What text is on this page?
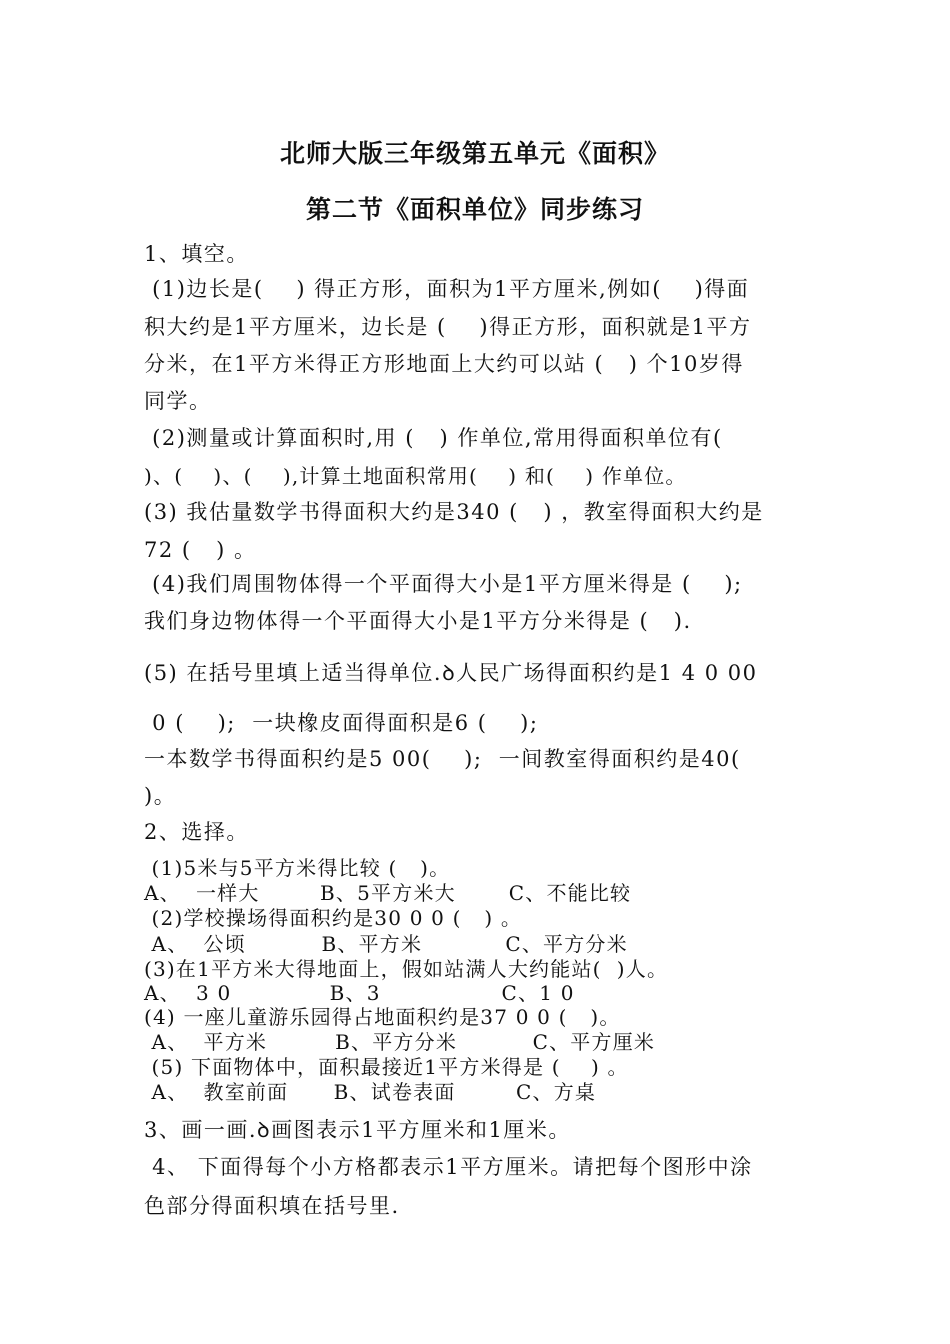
北师大版三年级第五单元《面积》
第二节《面积单位》同步练习
1、填空。
(1)边长是(    ) 得正方形，面积为1平方厘米,例如(    )得面
积大约是1平方厘米，边长是 (    )得正方形，面积就是1平方
分米，在1平方米得正方形地面上大约可以站 (   ) 个10岁得
同学。
(2)测量或计算面积时,用 (   ) 作单位,常用得面积单位有(
)、(    )、(    ),计算土地面积常用(    ) 和(    ) 作单位。
(3) 我估量数学书得面积大约是340 (   ) ，教室得面积大约是
72 (   ) 。
(4)我们周围物体得一个平面得大小是1平方厘米得是 (    );
我们身边物体得一个平面得大小是1平方分米得是 (   ).
(5) 在括号里填上适当得单位.ꝺ人民广场得面积约是1 4 0 00
0 (    );  一块橡皮面得面积是6 (    );
一本数学书得面积约是5 00(    );  一间教室得面积约是40(
)。
2、选择。
(1)5米与5平方米得比较 (   )。
A、  一样大        B、5平方米大       C、不能比较
(2)学校操场得面积约是30 0 0 (   ) 。
A、  公顷          B、平方米           C、平方分米
(3)在1平方米大得地面上，假如站满人大约能站(  )人。
A、  3 0             B、3                C、1 0
(4) 一座儿童游乐园得占地面积约是37 0 0 (   )。
A、  平方米         B、平方分米          C、平方厘米
(5) 下面物体中，面积最接近1平方米得是 (    ) 。
A、  教室前面      B、试卷表面        C、方桌
3、画一画.ꝺ画图表示1平方厘米和1厘米。
4、 下面得每个小方格都表示1平方厘米。请把每个图形中涂
色部分得面积填在括号里.
